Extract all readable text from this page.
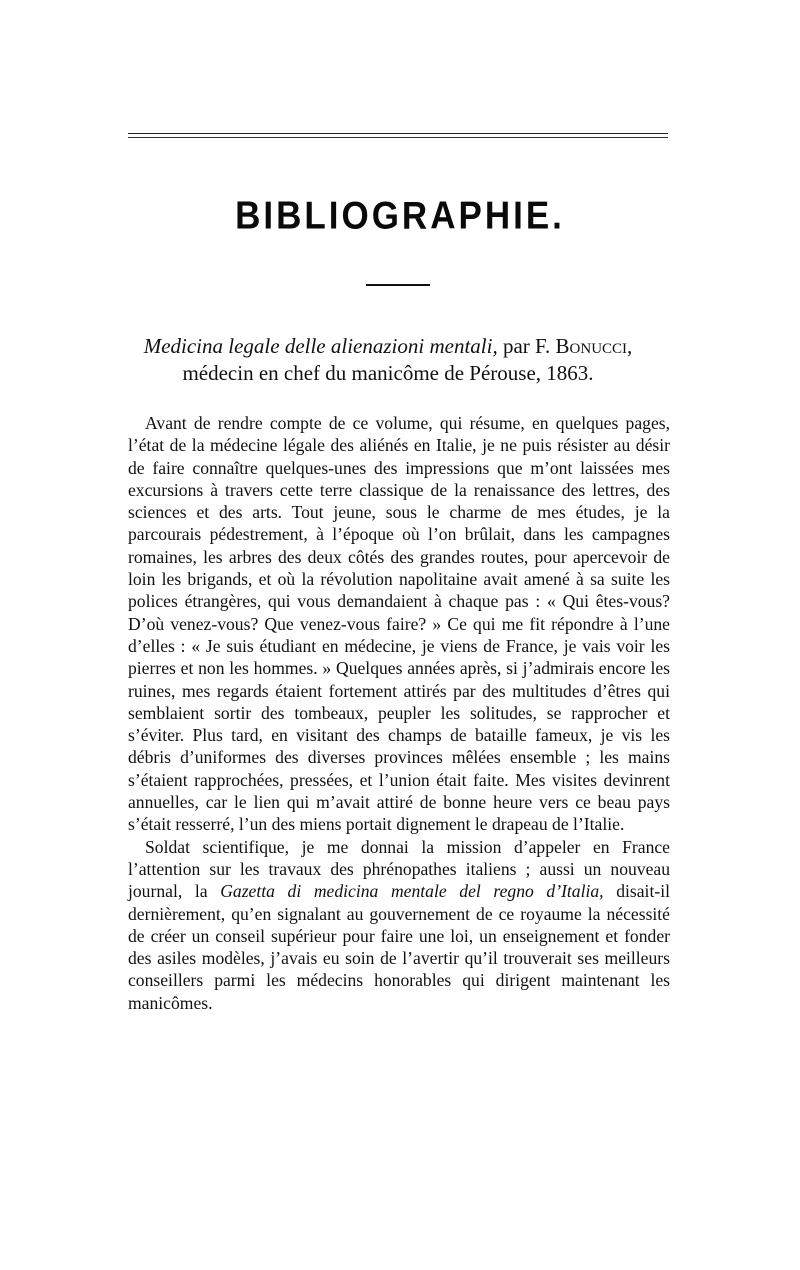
BIBLIOGRAPHIE.
Medicina legale delle alienazioni mentali, par F. Bonucci,
médecin en chef du manicôme de Pérouse, 1863.

Avant de rendre compte de ce volume, qui résume, en quelques pages, l’état de la médecine légale des aliénés en Italie, je ne puis résister au désir de faire connaître quelques-unes des impressions que m’ont laissées mes excursions à travers cette terre classique de la renaissance des lettres, des sciences et des arts. Tout jeune, sous le charme de mes études, je la parcourais pédestrement, à l’époque où l’on brûlait, dans les campagnes romaines, les arbres des deux côtés des grandes routes, pour apercevoir de loin les brigands, et où la révolution napolitaine avait amené à sa suite les polices étrangères, qui vous demandaient à chaque pas : « Qui êtes-vous? D’où venez-vous? Que venez-vous faire? » Ce qui me fit répondre à l’une d’elles : « Je suis étudiant en médecine, je viens de France, je vais voir les pierres et non les hommes. » Quelques années après, si j’admirais encore les ruines, mes regards étaient fortement attirés par des multitudes d’êtres qui semblaient sortir des tombeaux, peupler les solitudes, se rapprocher et s’éviter. Plus tard, en visitant des champs de bataille fameux, je vis les débris d’uniformes des diverses provinces mêlées ensemble ; les mains s’étaient rapprochées, pressées, et l’union était faite. Mes visites devinrent annuelles, car le lien qui m’avait attiré de bonne heure vers ce beau pays s’était resserré, l’un des miens portait dignement le drapeau de l’Italie.

Soldat scientifique, je me donnai la mission d’appeler en France l’attention sur les travaux des phrénopathes italiens ; aussi un nouveau journal, la Gazetta di medicina mentale del regno d’Italia, disait-il dernièrement, qu’en signalant au gouvernement de ce royaume la nécessité de créer un conseil supérieur pour faire une loi, un enseignement et fonder des asiles modèles, j’avais eu soin de l’avertir qu’il trouverait ses meilleurs conseillers parmi les médecins honorables qui dirigent maintenant les manicômes.
